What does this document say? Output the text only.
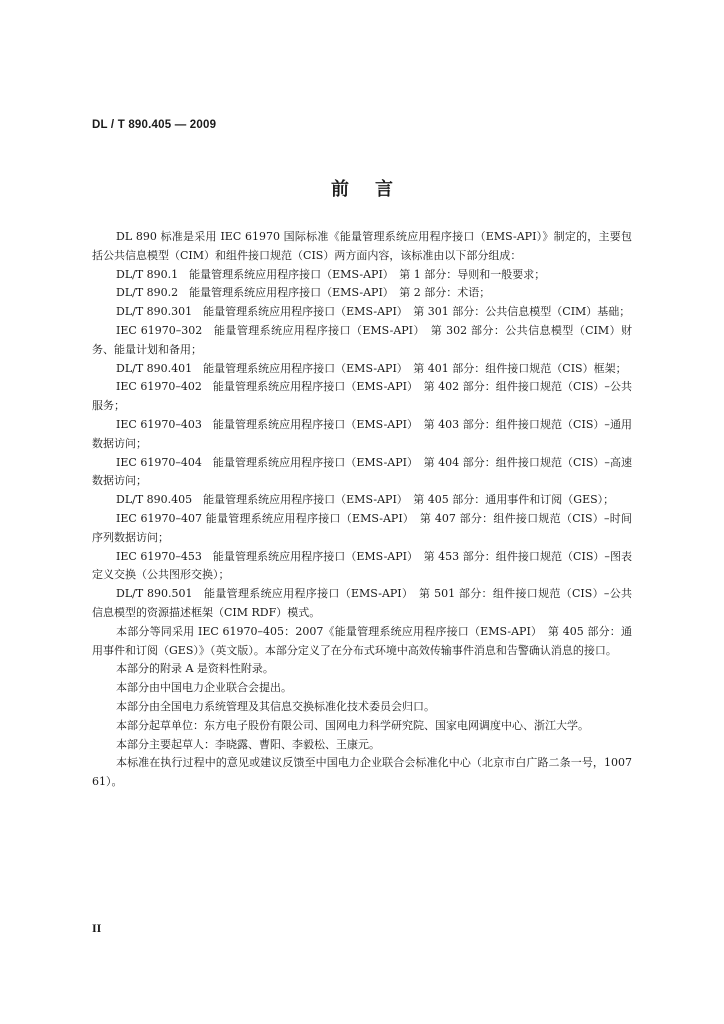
DL / T 890.405 — 2009
前言

DL 890 标准是采用 IEC 61970 国际标准《能量管理系统应用程序接口（EMS-API）》制定的，主要包括公共信息模型（CIM）和组件接口规范（CIS）两方面内容，该标准由以下部分组成：

DL/T 890.1　能量管理系统应用程序接口（EMS-API）　第 1 部分：导则和一般要求；

DL/T 890.2　能量管理系统应用程序接口（EMS-API）　第 2 部分：术语；

DL/T 890.301　能量管理系统应用程序接口（EMS-API）　第 301 部分：公共信息模型（CIM）基础；

IEC 61970–302　能量管理系统应用程序接口（EMS-API）　第 302 部分：公共信息模型（CIM）财务、能量计划和备用；

DL/T 890.401　能量管理系统应用程序接口（EMS-API）　第 401 部分：组件接口规范（CIS）框架；

IEC 61970–402　能量管理系统应用程序接口（EMS-API）　第 402 部分：组件接口规范（CIS）–公共服务；

IEC 61970–403　能量管理系统应用程序接口（EMS-API）　第 403 部分：组件接口规范（CIS）–通用数据访问；

IEC 61970–404　能量管理系统应用程序接口（EMS-API）　第 404 部分：组件接口规范（CIS）–高速数据访问；

DL/T 890.405　能量管理系统应用程序接口（EMS-API）　第 405 部分：通用事件和订阅（GES）；

IEC 61970–407 能量管理系统应用程序接口（EMS-API）　第 407 部分：组件接口规范（CIS）–时间序列数据访问；

IEC 61970–453　能量管理系统应用程序接口（EMS-API）　第 453 部分：组件接口规范（CIS）–图表定义交换（公共图形交换）；

DL/T 890.501　能量管理系统应用程序接口（EMS-API）　第 501 部分：组件接口规范（CIS）–公共信息模型的资源描述框架（CIM RDF）模式。

本部分等同采用 IEC 61970–405：2007《能量管理系统应用程序接口（EMS-API）　第 405 部分：通用事件和订阅（GES）》（英文版）。本部分定义了在分布式环境中高效传输事件消息和告警确认消息的接口。

本部分的附录 A 是资料性附录。

本部分由中国电力企业联合会提出。

本部分由全国电力系统管理及其信息交换标准化技术委员会归口。

本部分起草单位：东方电子股份有限公司、国网电力科学研究院、国家电网调度中心、浙江大学。

本部分主要起草人：李晓露、曹阳、李毅松、王康元。

本标准在执行过程中的意见或建议反馈至中国电力企业联合会标准化中心（北京市白广路二条一号，100761）。

II
